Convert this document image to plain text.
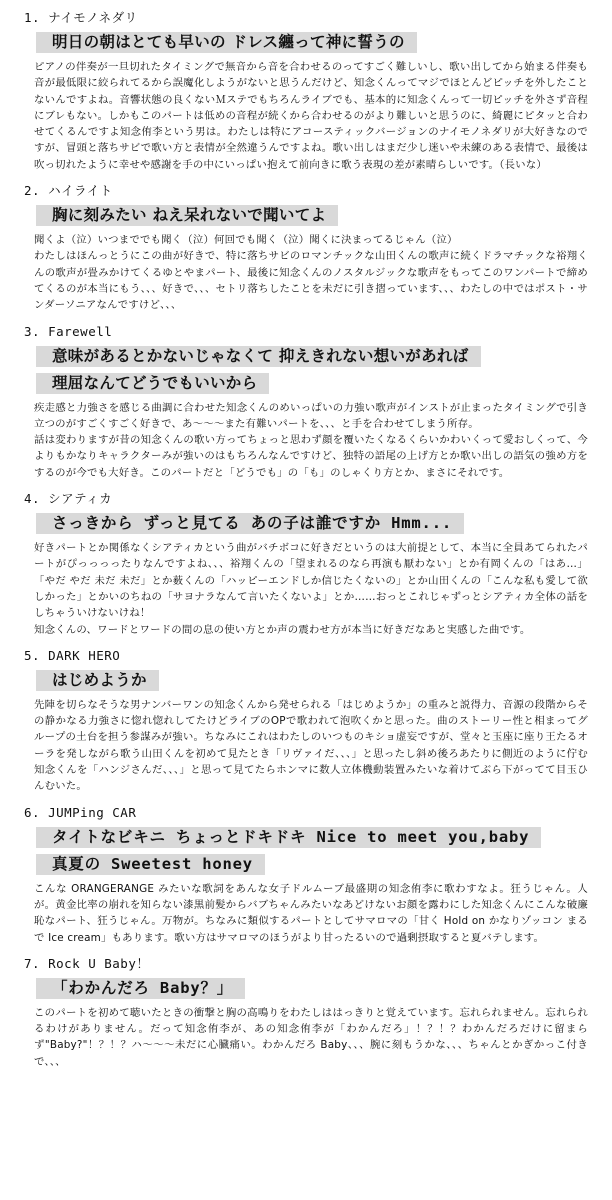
1. ナイモノネダリ
明日の朝はとても早いの ドレス纏って神に誓うの
ピアノの伴奏が一旦切れたタイミングで無音から音を合わせるのってすごく難しいし、歌い出してから始まる伴奏も音が最低限に絞られてるから誤魔化しようがないと思うんだけど、知念くんってマジでほとんどピッチを外したことないんですよね。音響状態の良くないＭステでもちろんライブでも、基本的に知念くんって一切ピッチを外さず音程にブレもない。しかもこのパートは低めの音程が続くから合わせるのがより難しいと思うのに、綺麗にピタッと合わせてくるんですよ知念侑李という男は。わたしは特にアコースティックバージョンのナイモノネダリが大好きなのですが、冒頭と落ちサビで歌い方と表情が全然違うんですよね。歌い出しはまだ少し迷いや未練のある表情で、最後は吹っ切れたように幸せや感謝を手の中にいっぱい抱えて前向きに歌う表現の差が素晴らしいです。（長いな）
2. ハイライト
胸に刻みたい ねえ呆れないで聞いてよ
聞くよ（泣）いつまででも聞く（泣）何回でも聞く（泣）聞くに決まってるじゃん（泣）
わたしはほんっとうにこの曲が好きで、特に落ちサビのロマンチックな山田くんの歌声に続くドラマチックな裕翔くんの歌声が畳みかけてくるゆとやまパート、最後に知念くんのノスタルジックな歌声をもってこのワンパートで締めてくるのが本当にもう、、、好きで、、、セトリ落ちしたことを未だに引き摺っています、、、わたしの中ではポスト・サンダーソニアなんですけど、、、
3. Farewell
意味があるとかないじゃなくて 抑えきれない想いがあれば
理屈なんてどうでもいいから
疾走感と力強さを感じる曲調に合わせた知念くんのめいっぱいの力強い歌声がインストが止まったタイミングで引き立つのがすごくすごく好きで、あ～～～また有難いパートを、、、と手を合わせてしまう所存。
話は変わりますが昔の知念くんの歌い方ってちょっと思わず顔を覆いたくなるくらいかわいくって愛おしくって、今よりもかなりキャラクターみが強いのはもちろんなんですけど、独特の語尾の上げ方とか歌い出しの語気の強め方をするのが今でも大好き。このパートだと「どうでも」の「も」のしゃくり方とか、まさにそれです。
4. シアティカ
さっきから ずっと見てる あの子は誰ですか Hmm...
好きパートとか関係なくシアティカという曲がバチボコに好きだというのは大前提として、本当に全員あてられたパートがぴっっっったりなんですよね、、、裕翔くんの「望まれるのなら再演も厭わない」とか有岡くんの「はあ…」「やだ やだ 未だ 未だ」とか薮くんの「ハッピーエンドしか信じたくないの」とか山田くんの「こんな私も愛して欲しかった」とかいのちねの「サヨナラなんて言いたくないよ」とか……おっとこれじゃずっとシアティカ全体の話をしちゃういけないけね！
知念くんの、ワードとワードの間の息の使い方とか声の震わせ方が本当に好きだなあと実感した曲です。
5. DARK HERO
はじめようか
先陣を切らなそうな男ナンバーワンの知念くんから発せられる「はじめようか」の重みと説得力、音源の段階からその静かなる力強さに惚れ惚れしてたけどライブのOPで歌われて泡吹くかと思った。曲のストーリー性と相まってグループの土台を担う参謀みが強い。ちなみにこれはわたしのいつものキショ虚妄ですが、堂々と玉座に座り王たるオーラを発しながら歌う山田くんを初めて見たとき「リヴァイだ、、、」と思ったし斜め後ろあたりに側近のように佇む知念くんを「ハンジさんだ、、、」と思って見てたらホンマに数人立体機動装置みたいな着けてぶら下がってて目玉ひんむいた。
6. JUMPing CAR
タイトなビキニ ちょっとドキドキ Nice to meet you,baby
真夏の Sweetest honey
こんな ORANGERANGE みたいな歌詞をあんな女子ドルムーブ最盛期の知念侑李に歌わすなよ。狂うじゃん。人が。黄金比率の崩れを知らない漆黒前髪からバブちゃんみたいなあどけないお顔を露わにした知念くんにこんな破廉恥なパート、狂うじゃん。万物が。ちなみに類似するパートとしてサマロマの「甘く Hold on かなりゾッコン まるで Ice cream」もあります。歌い方はサマロマのほうがより甘ったるいので過剰摂取すると夏バテします。
7. Rock U Baby！
「わかんだろ Baby？」
このパートを初めて聴いたときの衝撃と胸の高鳴りをわたしははっきりと覚えています。忘れられません。忘れられるわけがありません。だって知念侑李が、あの知念侑李が「わかんだろ」！？！？わかんだろだけに留まらず"Baby?"！？！？ハ～～～未だに心臓痛い。わかんだろ Baby、、、腕に刻もうかな、、、ちゃんとかぎかっこ付きで、、、
